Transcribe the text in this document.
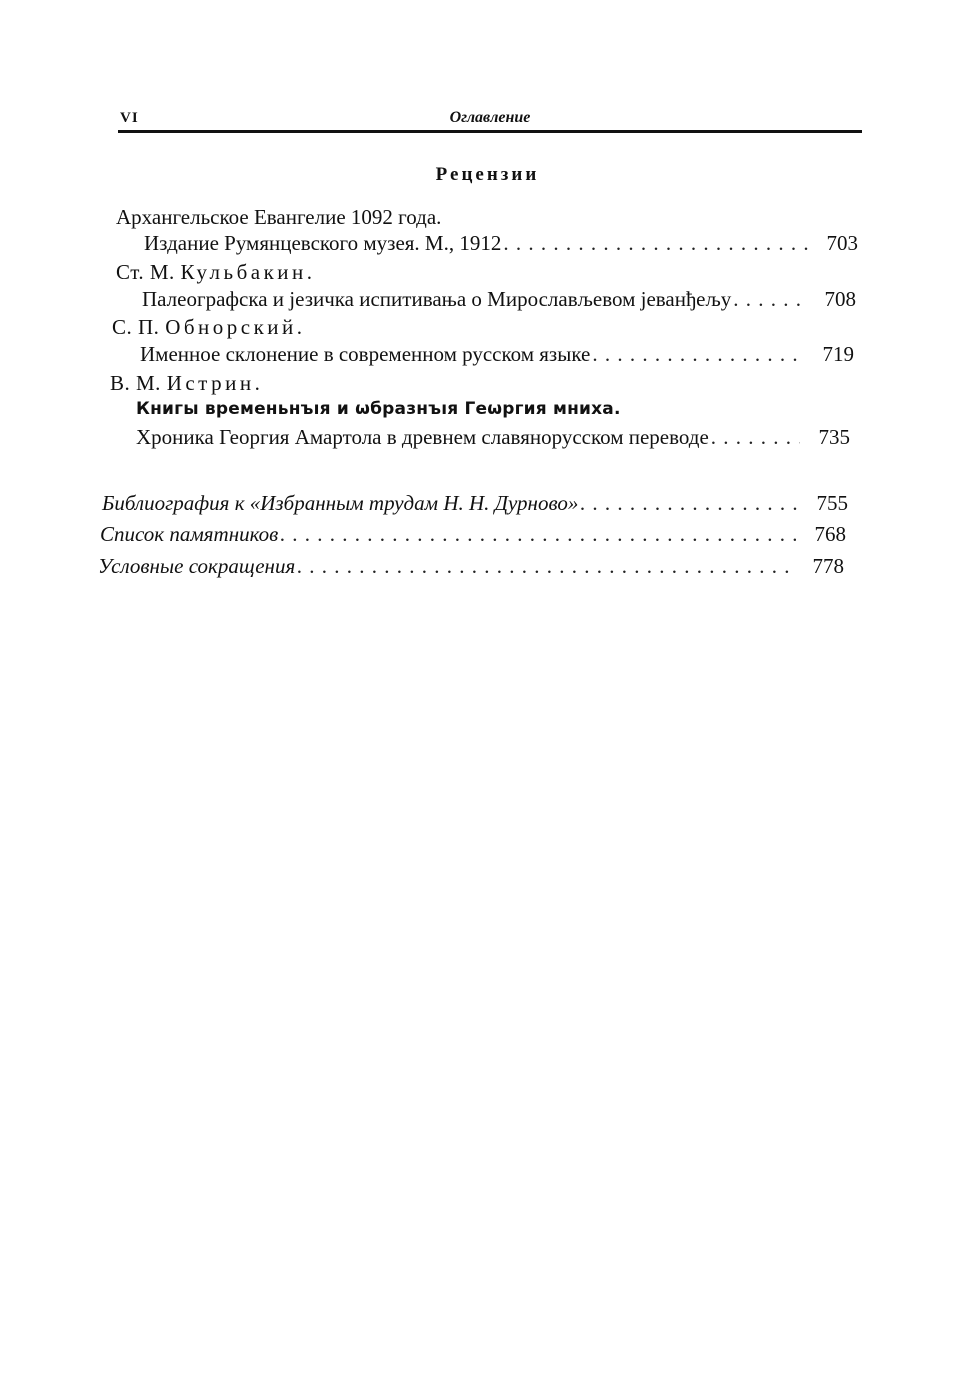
VI	Оглавление
Рецензии
Архангельское Евангелие 1092 года.
Издание Румянцевского музея. М., 1912 . . .	703
Ст. М. Кульбакин.
Палеографска и језичка испитивања о Мирослављевом јеванђељу . . .	708
С. П. Обнорский.
Именное склонение в современном русском языке . . .	719
В. М. Истрин.
Книгы временьнъıя и ѡбразнъıя Геѡргия мниха.
Хроника Георгия Амартола в древнем славянорусском переводе . . .	735
Библиография к «Избранным трудам Н. Н. Дурново» . . .	755
Список памятников . . .	768
Условные сокращения . . .	778
